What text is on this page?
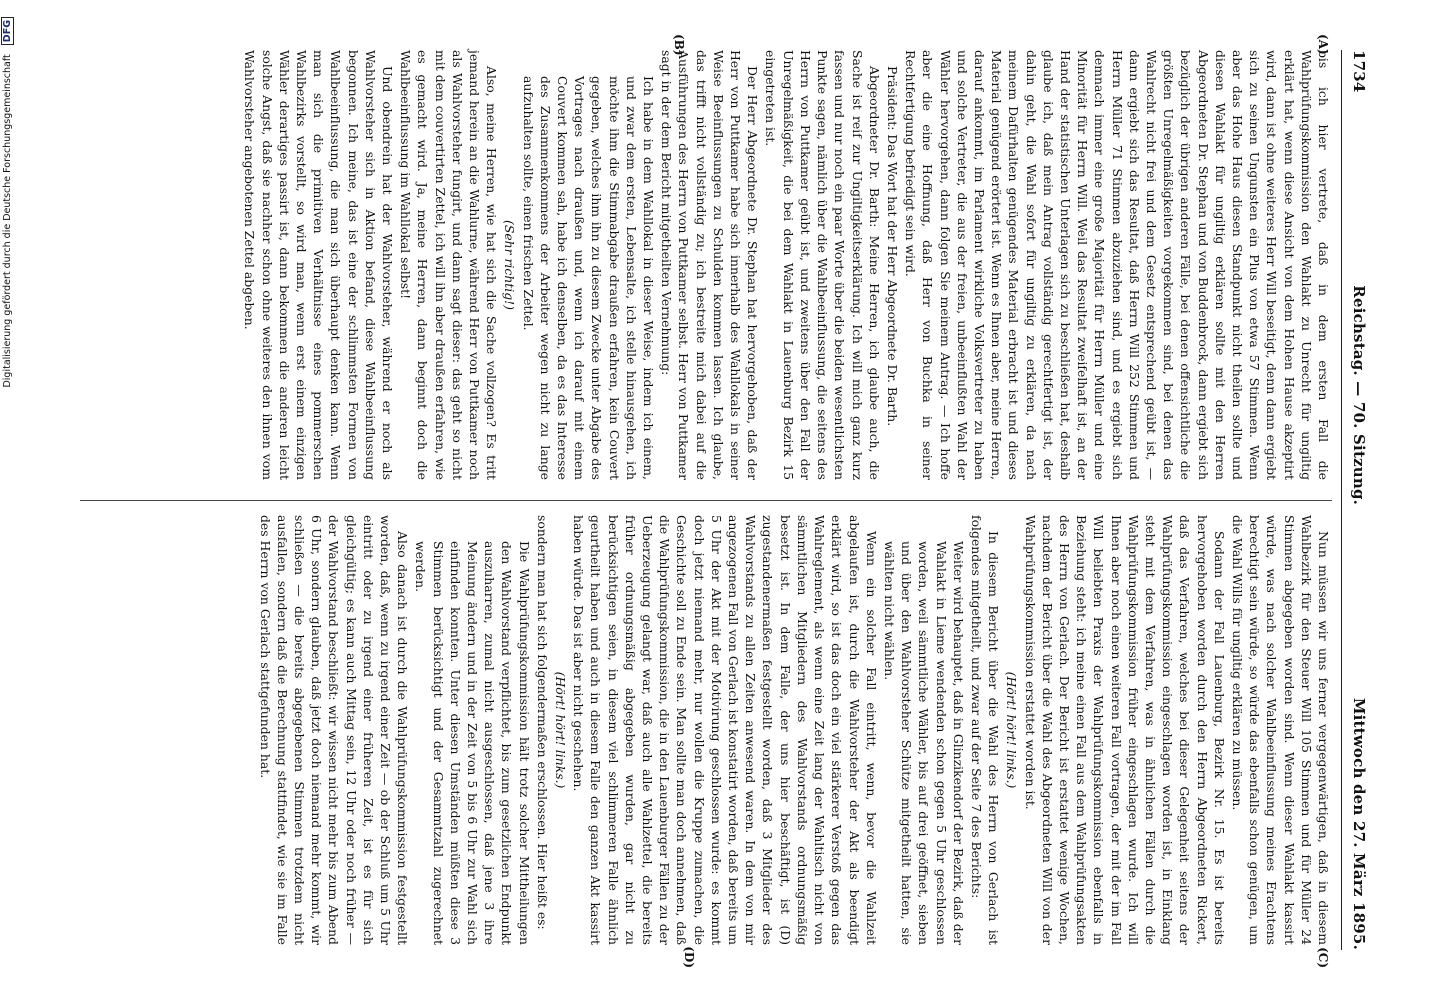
1734
Reichstag. — 70. Sitzung.
Mittwoch den 27. März 1895.
(A)
(B)
(C)
(D)

bis ich hier vertrete, daß in dem ersten Fall die Wahlprüfungskommission den Wahlakt zu Unrecht für ungiltig erklärt hat, wenn diese Ansicht von dem Hohen Hause akzeptirt wird, dann ist ohne weiteres Herr Will beseitigt, denn dann ergiebt sich zu seinen Ungunsten ein Plus von etwa 57 Stimmen. Wenn aber das Hohe Haus diesen Standpunkt nicht theilen sollte und diesen Wahlakt für ungiltig erklären sollte mit den Herren Abgeordneten Dr. Stephan und von Buddenbrock, dann ergiebt sich bezüglich der übrigen anderen Fälle, bei denen offensichtliche die größten Unregelmäßigkeiten vorgekommen sind, bei denen das Wahlrecht nicht frei und dem Gesetz entsprechend geübt ist, — dann ergiebt sich das Resultat, daß Herrn Will 252 Stimmen und Herrn Müller 71 Stimmen abzuziehen sind, und es ergiebt sich demnach immer eine große Majorität für Herrn Müller und eine Minorität für Herrn Will. Weil das Resultat zweifelhaft ist, an der Hand der statistischen Unterlagen sich zu beschließen hat, deshalb glaube ich, daß mein Antrag vollständig gerechtfertigt ist, der dahin geht, die Wahl sofort für ungiltig zu erklären, da nach meinem Dafürhalten genügendes Material erbracht ist und dieses Material genügend erörtert ist. Wenn es Ihnen aber, meine Herren, darauf ankommt, im Parlament wirkliche Volksvertreter zu haben und solche Vertreter, die aus der freien, unbeeinflußten Wahl der Wähler hervorgehen, dann folgen Sie meinem Antrag. — Ich hoffe aber die eine Hoffnung, daß Herr von Buchka in seiner Rechtfertigung befriedigt sein wird.

Präsident: Das Wort hat der Herr Abgeordnete Dr. Barth.

Abgeordneter Dr. Barth: Meine Herren, ich glaube auch, die Sache ist reif zur Ungiltigkeitserklärung. Ich will mich ganz kurz fassen und nur noch ein paar Worte über die beiden wesentlichsten Punkte sagen, nämlich über die Wahlbeeinflussung, die seitens des Herrn von Puttkamer geübt ist, und zweitens über den Fall der Unregelmäßigkeit, die bei dem Wahlakt in Lauenburg Bezirk 15 eingetreten ist.

Der Herr Abgeordnete Dr. Stephan hat hervorgehoben, daß der Herr von Puttkamer habe sich innerhalb des Wahllokals in seiner Weise Beeinflussungen zu Schulden kommen lassen. Ich glaube, das trifft nicht vollständig zu; ich bestreite mich dabei auf die Ausführungen des Herrn von Puttkamer selbst. Herr von Puttkamer sagt in der dem Bericht mitgetheilten Vernehmung:

Ich habe in dem Wahllokal in dieser Weise, indem ich einem, und zwar dem ersten, Lebensalte, ich stelle hinausgehen, ich möchte ihm die Stimmabgabe draußen erfahren, kein Couvert gegeben, welches ihm ihn zu diesem Zwecke unter Abgabe des Vortrages nach draußen und, wenn ich darauf mit einem Couvert kommen sah, habe ich denselben, da es das Interesse des Zusammenkommens der Arbeiter wegen nicht zu lange aufzuhalten sollte, einen frischen Zettel.

(Sehr richtig!)

Also, meine Herren, wie hat sich die Sache vollzogen? Es tritt jemand herein an die Wahlurne, während Herr von Puttkamer noch als Wahlvorsteher fungirt, und dann sagt dieser: das geht so nicht mit dem couvertirten Zettel, ich will ihn aber draußen erfahren, wie es gemacht wird. Ja, meine Herren, dann beginnt doch die Wahlbeeinflussung im Wahllokal selbst!

Und obendrein hat der Wahlvorsteher, während er noch als Wahlvorsteher sich in Aktion befand, diese Wahlbeeinflussung begonnen. Ich meine, das ist eine der schlimmsten Formen von Wahlbeeinflussung, die man sich überhaupt denken kann. Wenn man sich die primitiven Verhältnisse eines pommerschen Wahlbezirks vorstellt, so wird man, wenn erst einem einzigen Wähler derartiges passirt ist, dann bekommen die anderen leicht solche Angst, daß sie nachher schon ohne weiteres den ihnen vom Wahlvorsteher angebotenen Zettel abgeben.

Nun müssen wir uns ferner vergegenwärtigen, daß in diesem Wahlbezirk für den Steuer Will 105 Stimmen und für Müller 24 Stimmen abgegeben worden sind. Wenn dieser Wahlakt kassirt würde, was nach solcher Wahlbeeinflussung meines Erachtens berechtigt sein würde, so würde das ebenfalls schon genügen, um die Wahl Wills für ungiltig erklären zu müssen.

Sodann der Fall Lauenburg, Bezirk Nr. 15. Es ist bereits hervorgehoben worden durch den Herrn Abgeordneten Rickert, daß das Verfahren, welches bei dieser Gelegenheit seitens der Wahlprüfungskommission eingeschlagen worden ist, in Einklang steht mit dem Verfahren, was in ähnlichen Fällen durch die Wahlprüfungskommission früher eingeschlagen wurde. Ich will Ihnen aber noch einen weiteren Fall vortragen, der mit der im Fall Will beliebten Praxis der Wahlprüfungskommission ebenfalls in Beziehung steht: ich meine einen Fall aus dem Wahlprüfungsakten des Herrn von Gerlach. Der Bericht ist erstattet wenige Wochen, nachdem der Bericht über die Wahl des Abgeordneten Will von der Wahlprüfungskommission erstattet worden ist.

(Hört! hört! links.)

In diesem Bericht über die Wahl des Herrn von Gerlach ist folgendes mitgetheilt, und zwar auf der Seite 7 des Berichts:

Weiter wird behauptet, daß in Glinzikendorf der Bezirk, daß der Wahlakt in Lieme wendenden schon gegen 5 Uhr geschlossen worden, weil sämmtliche Wähler, bis auf drei geöffnet, sieben und über den Wahlvorsteher Schütze mitgetheilt hatten, sie wählten nicht wählen.

Wenn ein solcher Fall eintritt, wenn, bevor die Wahlzeit abgelaufen ist, durch die Wahlvorsteher der Akt als beendigt erklärt wird, so ist das doch ein viel stärkerer Verstoß gegen das Wahlreglement, als wenn eine Zeit lang der Wahltisch nicht von sämmtlichen Mitgliedern des Wahlvorstands ordnungsmäßig besetzt ist. In dem Falle, der uns hier beschäftigt, ist (D) zugestandenermaßen festgestellt worden, daß 3 Mitglieder des Wahlvorstands zu allen Zeiten anwesend waren. In dem von mir angezogenen Fall von Gerlach ist konstatirt worden, daß bereits um 5 Uhr der Akt mit der Motivirung geschlossen wurde: es kommt doch jetzt niemand mehr, nur wollen die Kruppe zumachen, die Geschichte soll zu Ende sein. Man sollte man doch annehmen, daß die Wahlprüfungskommission, die in den Lauenburger Fällen zu der Ueberzeugung gelangt war, daß auch alle Wahlzettel, die bereits früher ordnungsmäßig abgegeben wurden, gar nicht zu berücksichtigen seien, in diesem viel schlimmeren Falle ähnlich geurtheilt haben und auch in diesem Falle den ganzen Akt kassirt haben würde. Das ist aber nicht geschehen.

(Hört! hört! links.)

sondern man hat sich folgendermaßen erschlossen. Hier heißt es:

Die Wahlprüfungskommission hält trotz solcher Mittheilungen den Wahlvorstand verpflichtet, bis zum gesetzlichen Endpunkt auszuharren, zumal nicht ausgeschlossen, daß jene 3 ihre Meinung ändern und in der Zeit von 5 bis 6 Uhr zur Wahl sich einfinden konnten. Unter diesen Umständen müßten diese 3 Stimmen berücksichtigt und der Gesammtzahl zugerechnet werden.

Also danach ist durch die Wahlprüfungskommission festgestellt worden, daß, wenn zu irgend einer Zeit — ob der Schluß um 5 Uhr eintritt oder zu irgend einer früheren Zeit, ist es für sich gleichgültig; es kann auch Mittag sein, 12 Uhr oder noch früher — der Wahlvorstand beschließt: wir wissen nicht mehr bis zum Abend 6 Uhr, sondern glauben, daß jetzt doch niemand mehr kommt, wir schließen — die bereits abgegebenen Stimmen trotzdem nicht ausfallen, sondern daß die Berechnung stattfindet, wie sie im Falle des Herrn von Gerlach stattgefunden hat.

Digitalisierung gefördert durch die Deutsche Forschungsgemeinschaft DFG
